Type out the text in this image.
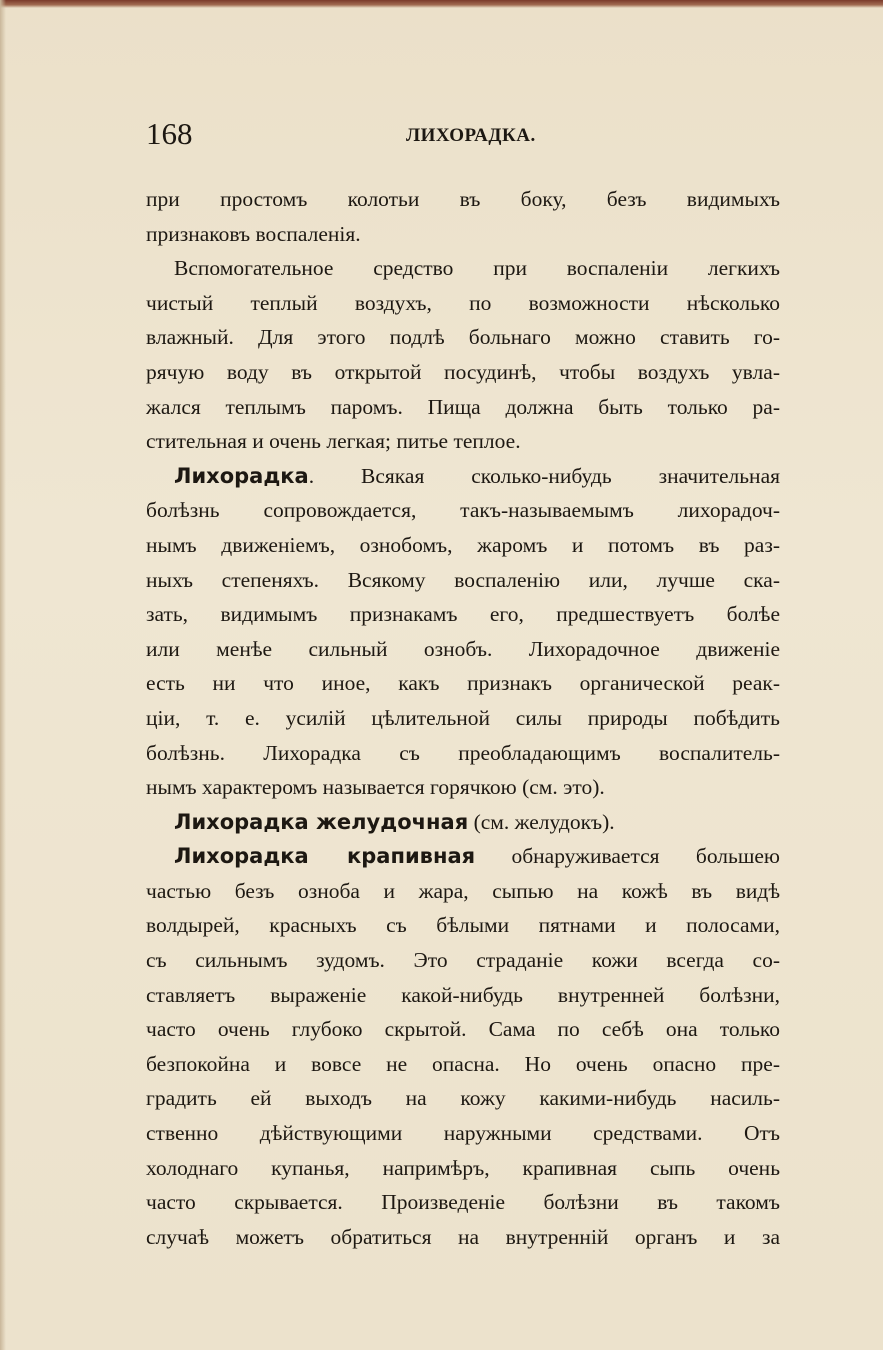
168	ЛИХОРАДКА.
при простомъ колотьи въ боку, безъ видимыхъ
признаковъ воспаленія.
Вспомогательное средство при воспаленіи легкихъ
чистый теплый воздухъ, по возможности нѣсколько
влажный. Для этого подлѣ больнаго можно ставить го-
рячую воду въ открытой посудинѣ, чтобы воздухъ увла-
жался теплымъ паромъ. Пища должна быть только ра-
стительная и очень легкая; питье теплое.
Лихорадка. Всякая сколько-нибудь значительная
болѣзнь сопровождается, такъ-называемымъ лихорадоч-
нымъ движеніемъ, ознобомъ, жаромъ и потомъ въ раз-
ныхъ степеняхъ. Всякому воспаленію или, лучше ска-
зать, видимымъ признакамъ его, предшествуетъ болѣе
или менѣе сильный ознобъ. Лихорадочное движеніе
есть ни что иное, какъ признакъ органической реак-
ціи, т. е. усилій цѣлительной силы природы побѣдить
болѣзнь. Лихорадка съ преобладающимъ воспалитель-
нымъ характеромъ называется горячкою (см. это).
Лихорадка желудочная (см. желудокъ).
Лихорадка крапивная обнаруживается большею
частью безъ озноба и жара, сыпью на кожѣ въ видѣ
волдырей, красныхъ съ бѣлыми пятнами и полосами,
съ сильнымъ зудомъ. Это страданіе кожи всегда со-
ставляетъ выраженіе какой-нибудь внутренней болѣзни,
часто очень глубоко скрытой. Сама по себѣ она только
безпокойна и вовсе не опасна. Но очень опасно пре-
градить ей выходъ на кожу какими-нибудь насиль-
ственно дѣйствующими наружными средствами. Отъ
холоднаго купанья, напримѣръ, крапивная сыпь очень
часто скрывается. Произведеніе болѣзни въ такомъ
случаѣ можетъ обратиться на внутренній органъ и за
